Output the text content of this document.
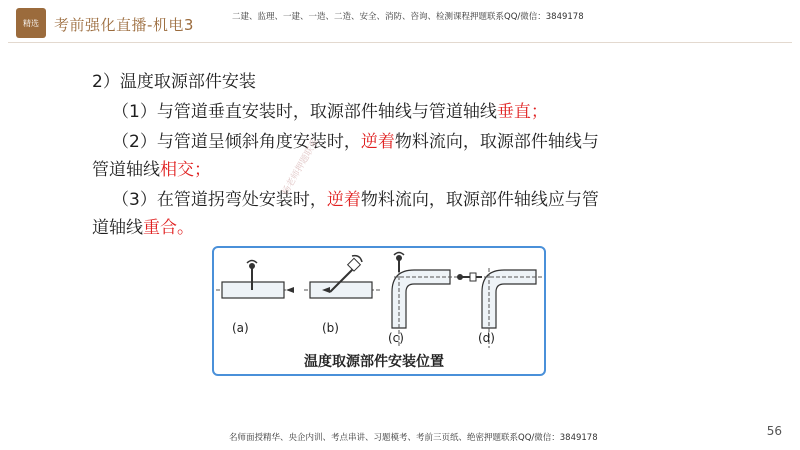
精选	考前强化直播-机电3	二建、监理、一建、一造、二造、安全、消防、咨询、检测课程押题联系QQ/微信：3849178
2）温度取源部件安装
（1）与管道垂直安装时，取源部件轴线与管道轴线垂直；
（2）与管道呈倾斜角度安装时，逆着物料流向，取源部件轴线与
管道轴线相交；
（3）在管道拐弯处安装时，逆着物料流向，取源部件轴线应与管
道轴线重合。
杨老师押题联系
(a)	(b)
(c)	(d)
温度取源部件安装位置
名师面授精华、央企内训、考点串讲、习题模考、考前三页纸、绝密押题联系QQ/微信：3849178	56
